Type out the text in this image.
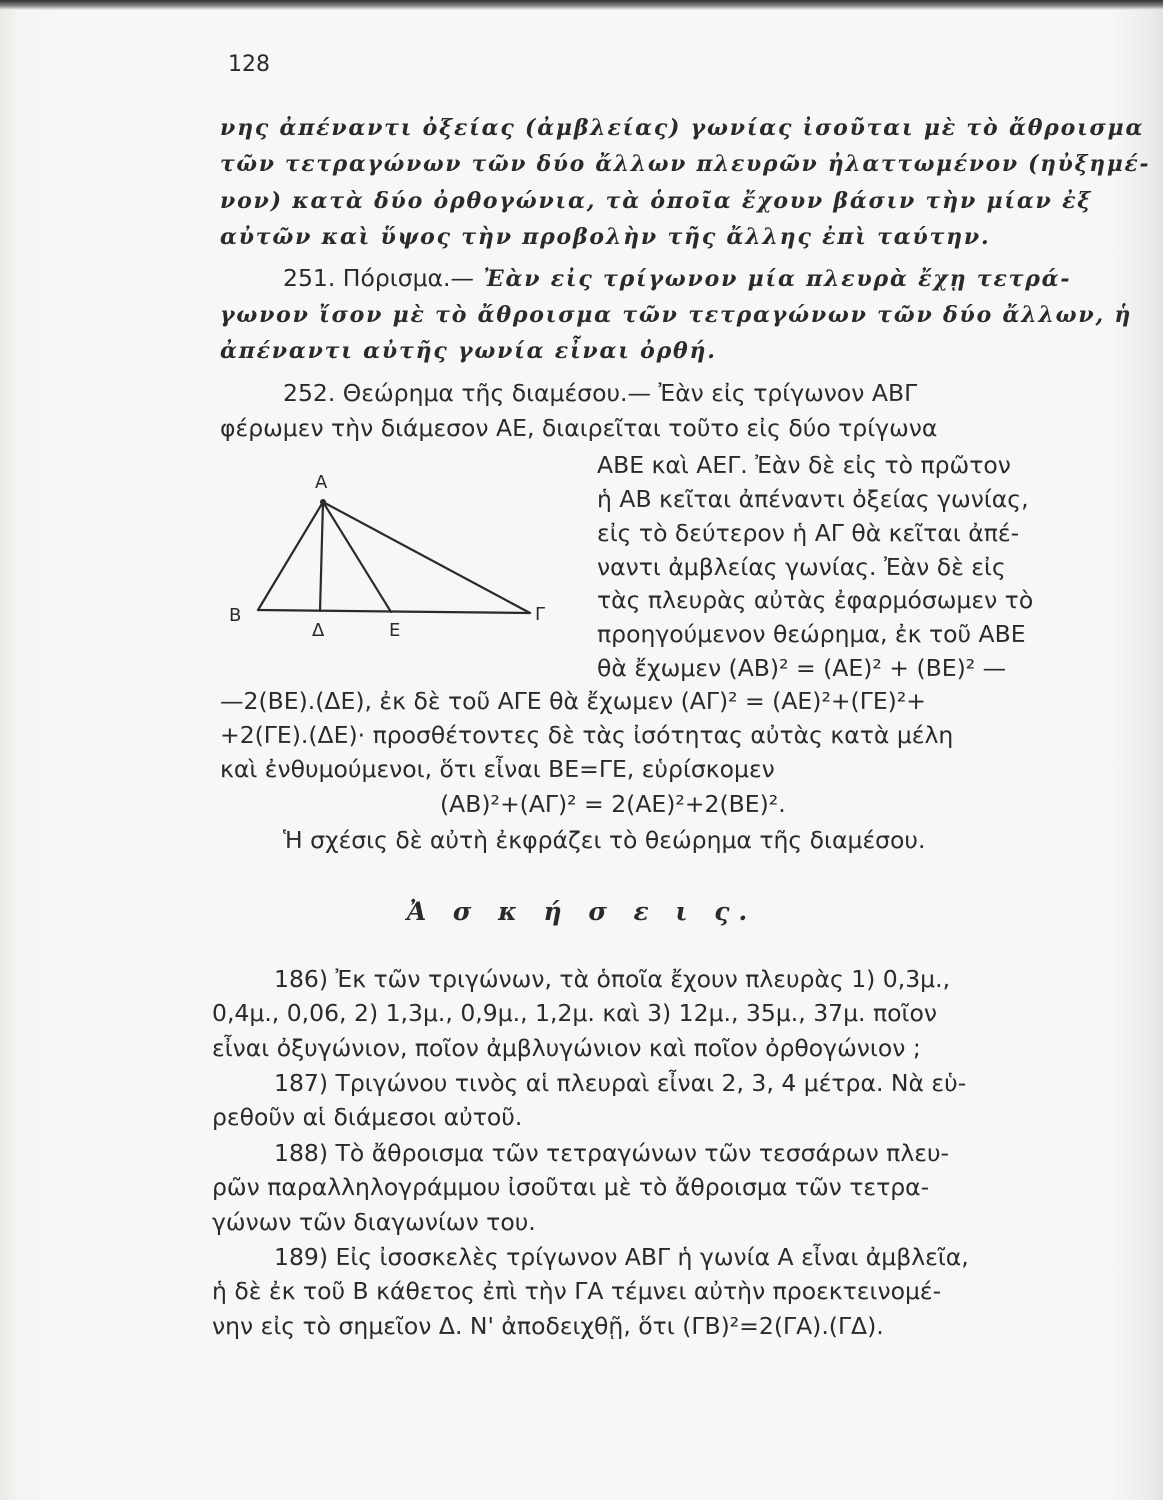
128
νης ἀπέναντι ὀξείας (ἀμβλείας) γωνίας ἰσοῦται μὲ τὸ ἄθροισμα
τῶν τετραγώνων τῶν δύο ἄλλων πλευρῶν ἠλαττωμένον (ηὐξημέ-
νον) κατὰ δύο ὀρθογώνια, τὰ ὁποῖα ἔχουν βάσιν τὴν μίαν ἐξ
αὐτῶν καὶ ὕψος τὴν προβολὴν τῆς ἄλλης ἐπὶ ταύτην.
251. Πόρισμα.— Ἐὰν εἰς τρίγωνον μία πλευρὰ ἔχῃ τετρά-
γωνον ἴσον μὲ τὸ ἄθροισμα τῶν τετραγώνων τῶν δύο ἄλλων, ἡ
ἀπέναντι αὐτῆς γωνία εἶναι ὀρθή.
252. Θεώρημα τῆς διαμέσου.— Ἐὰν εἰς τρίγωνον ΑΒΓ
φέρωμεν τὴν διάμεσον ΑΕ, διαιρεῖται τοῦτο εἰς δύο τρίγωνα
ΑΒΕ καὶ ΑΕΓ. Ἐὰν δὲ εἰς τὸ πρῶτον
ἡ ΑΒ κεῖται ἀπέναντι ὀξείας γωνίας,
εἰς τὸ δεύτερον ἡ ΑΓ θὰ κεῖται ἀπέ-
ναντι ἀμβλείας γωνίας. Ἐὰν δὲ εἰς
τὰς πλευρὰς αὐτὰς ἐφαρμόσωμεν τὸ
προηγούμενον θεώρημα, ἐκ τοῦ ΑΒΕ
θὰ ἔχωμεν (ΑΒ)² = (ΑΕ)² + (ΒΕ)² —
Α
Β	Γ
Δ	Ε
—2(ΒΕ).(ΔΕ), ἐκ δὲ τοῦ ΑΓΕ θὰ ἔχωμεν (ΑΓ)² = (ΑΕ)²+(ΓΕ)²+
+2(ΓΕ).(ΔΕ)· προσθέτοντες δὲ τὰς ἰσότητας αὐτὰς κατὰ μέλη
καὶ ἐνθυμούμενοι, ὅτι εἶναι ΒΕ=ΓΕ, εὑρίσκομεν
(ΑΒ)²+(ΑΓ)² = 2(ΑΕ)²+2(ΒΕ)².
Ἡ σχέσις δὲ αὐτὴ ἐκφράζει τὸ θεώρημα τῆς διαμέσου.
Ἀ σ κ ή σ ε ι ς.
186) Ἐκ τῶν τριγώνων, τὰ ὁποῖα ἔχουν πλευρὰς 1) 0,3μ.,
0,4μ., 0,06, 2) 1,3μ., 0,9μ., 1,2μ. καὶ 3) 12μ., 35μ., 37μ. ποῖον
εἶναι ὀξυγώνιον, ποῖον ἀμβλυγώνιον καὶ ποῖον ὀρθογώνιον ;
187) Τριγώνου τινὸς αἱ πλευραὶ εἶναι 2, 3, 4 μέτρα. Νὰ εὑ-
ρεθοῦν αἱ διάμεσοι αὐτοῦ.
188) Τὸ ἄθροισμα τῶν τετραγώνων τῶν τεσσάρων πλευ-
ρῶν παραλληλογράμμου ἰσοῦται μὲ τὸ ἄθροισμα τῶν τετρα-
γώνων τῶν διαγωνίων του.
189) Εἰς ἰσοσκελὲς τρίγωνον ΑΒΓ ἡ γωνία Α εἶναι ἀμβλεῖα,
ἡ δὲ ἐκ τοῦ Β κάθετος ἐπὶ τὴν ΓΑ τέμνει αὐτὴν προεκτεινομέ-
νην εἰς τὸ σημεῖον Δ. Ν' ἀποδειχθῇ, ὅτι (ΓΒ)²=2(ΓΑ).(ΓΔ).
